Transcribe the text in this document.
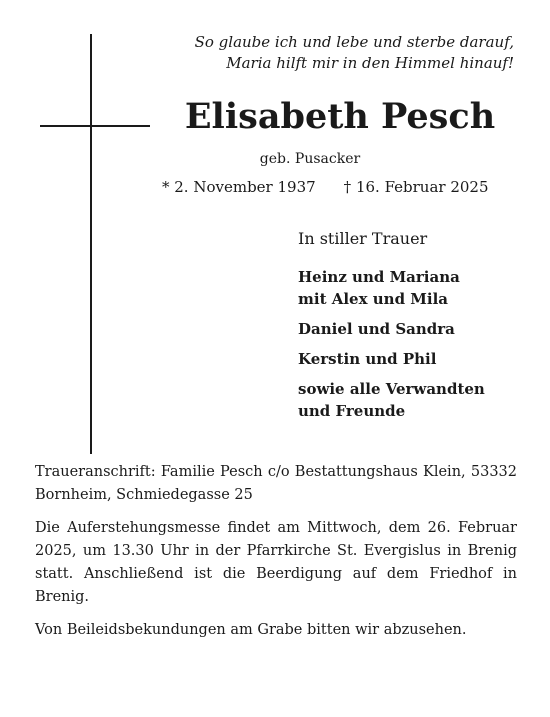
So glaube ich und lebe und sterbe darauf,
Maria hilft mir in den Himmel hinauf!
Elisabeth Pesch
geb. Pusacker
* 2. November 1937 † 16. Februar 2025
In stiller Trauer
Heinz und Mariana
mit Alex und Mila
Daniel und Sandra
Kerstin und Phil
sowie alle Verwandten
und Freunde

Traueranschrift: Familie Pesch c/o Bestattungshaus Klein, 53332 Bornheim, Schmiedegasse 25

Die Auferstehungsmesse findet am Mittwoch, dem 26. Februar 2025, um 13.30 Uhr in der Pfarrkirche St. Evergislus in Brenig statt. Anschließend ist die Beerdigung auf dem Friedhof in Brenig.

Von Beileidsbekundungen am Grabe bitten wir abzusehen.
